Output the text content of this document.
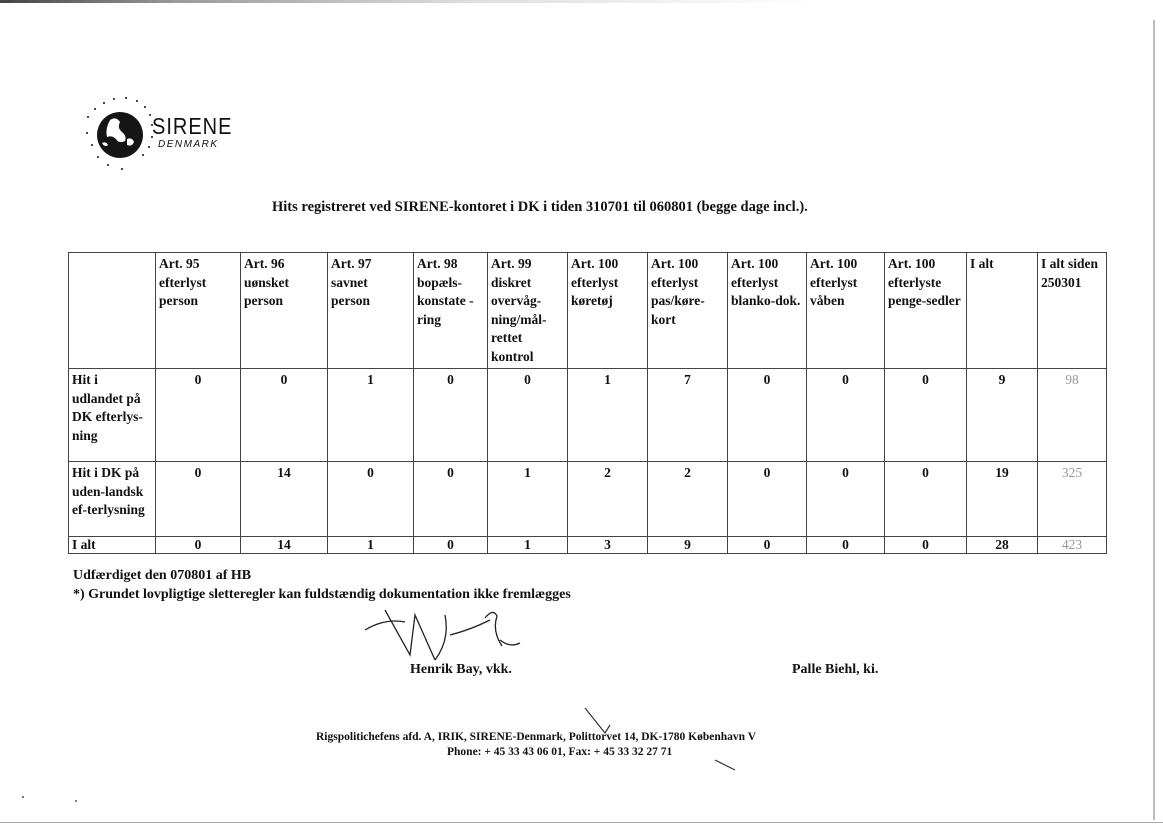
SIRENE
DENMARK
Hits registreret ved SIRENE-kontoret i DK i tiden 310701 til 060801 (begge dage incl.).
	Art. 95 efterlyst person	Art. 96 uønsket person	Art. 97 savnet person	Art. 98 bopæls-konstate -ring	Art. 99 diskret overvåg-ning/mål-rettet kontrol	Art. 100 efterlyst køretøj	Art. 100 efterlyst pas/køre-kort	Art. 100 efterlyst blanko-dok.	Art. 100 efterlyst våben	Art. 100 efterlyste penge-sedler	I alt	I alt siden 250301
Hit i udlandet på DK efterlys-ning	0	0	1	0	0	1	7	0	0	0	9	98
Hit i DK på uden-landsk ef-terlysning	0	14	0	0	1	2	2	0	0	0	19	325
I alt	0	14	1	0	1	3	9	0	0	0	28	423
Udfærdiget den 070801 af HB
*) Grundet lovpligtige sletteregler kan fuldstændig dokumentation ikke fremlægges
Henrik Bay, vkk.	Palle Biehl, ki.
Rigspolitichefens afd. A, IRIK, SIRENE-Denmark, Polittorvet 14, DK-1780 København V
Phone: + 45 33 43 06 01, Fax: + 45 33 32 27 71
